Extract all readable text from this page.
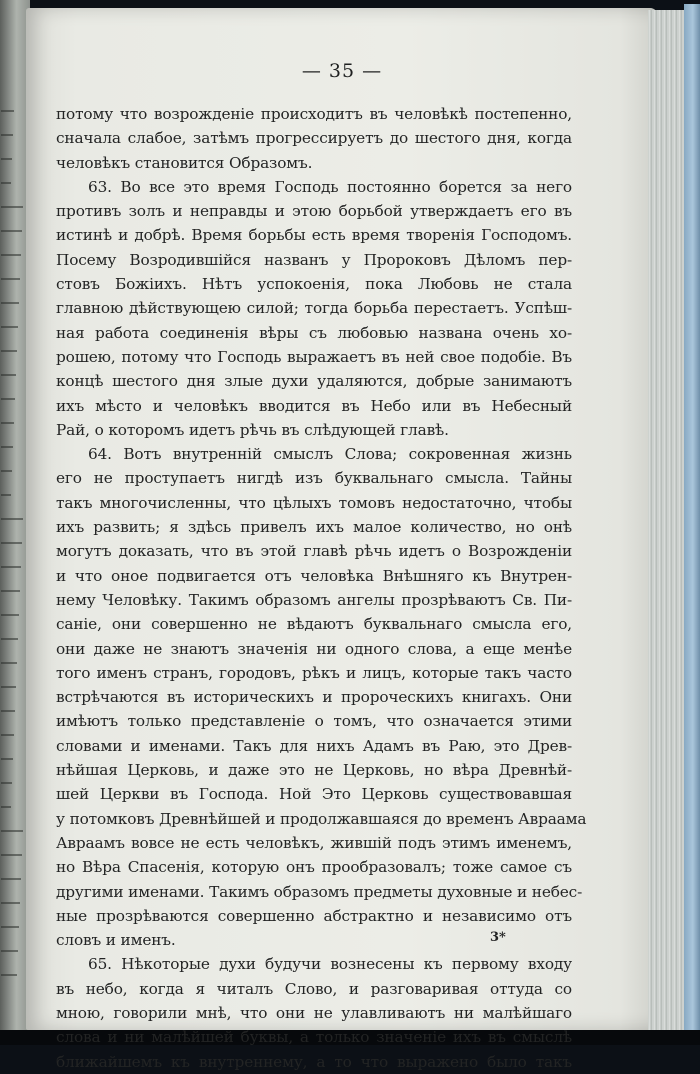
— 35 —
потому что возрожденіе происходитъ въ человѣкѣ постепенно,
сначала слабое, затѣмъ прогрессируетъ до шестого дня, когда
человѣкъ становится Образомъ.
63. Во все это время Господь постоянно борется за него
противъ золъ и неправды и этою борьбой утверждаетъ его въ
истинѣ и добрѣ. Время борьбы есть время творенія Господомъ.
Посему Возродившійся названъ у Пророковъ Дѣломъ пер-
стовъ Божіихъ. Нѣтъ успокоенія, пока Любовь не стала
главною дѣйствующею силой; тогда борьба перестаетъ. Успѣш-
ная работа соединенія вѣры съ любовью названа очень хо-
рошею, потому что Господь выражаетъ въ ней свое подобіе. Въ
концѣ шестого дня злые духи удаляются, добрые занимаютъ
ихъ мѣсто и человѣкъ вводится въ Небо или въ Небесный
Рай, о которомъ идетъ рѣчь въ слѣдующей главѣ.
64. Вотъ внутренній смыслъ Слова; сокровенная жизнь
его не проступаетъ нигдѣ изъ буквальнаго смысла. Тайны
такъ многочисленны, что цѣлыхъ томовъ недостаточно, чтобы
ихъ развить; я здѣсь привелъ ихъ малое количество, но онѣ
могутъ доказать, что въ этой главѣ рѣчь идетъ о Возрожденіи
и что оное подвигается отъ человѣка Внѣшняго къ Внутрен-
нему Человѣку. Такимъ образомъ ангелы прозрѣваютъ Св. Пи-
саніе, они совершенно не вѣдаютъ буквальнаго смысла его,
они даже не знаютъ значенія ни одного слова, а еще менѣе
того именъ странъ, городовъ, рѣкъ и лицъ, которые такъ часто
встрѣчаются въ историческихъ и пророческихъ книгахъ. Они
имѣютъ только представленіе о томъ, что означается этими
словами и именами. Такъ для нихъ Адамъ въ Раю, это Древ-
нѣйшая Церковь, и даже это не Церковь, но вѣра Древнѣй-
шей Церкви въ Господа. Ной Это Церковь существовавшая
у потомковъ Древнѣйшей и продолжавшаяся до временъ Авраама
Авраамъ вовсе не есть человѣкъ, жившій подъ этимъ именемъ,
но Вѣра Спасенія, которую онъ прообразовалъ; тоже самое съ
другими именами. Такимъ образомъ предметы духовные и небес-
ные прозрѣваются совершенно абстрактно и независимо отъ
словъ и именъ.
65. Нѣкоторые духи будучи вознесены къ первому входу
въ небо, когда я читалъ Слово, и разговаривая оттуда со
мною, говорили мнѣ, что они не улавливаютъ ни малѣйшаго
слова и ни малѣйшей буквы, а только значеніе ихъ въ смыслѣ
ближайшемъ къ внутреннему, а то что выражено было такъ
3*
